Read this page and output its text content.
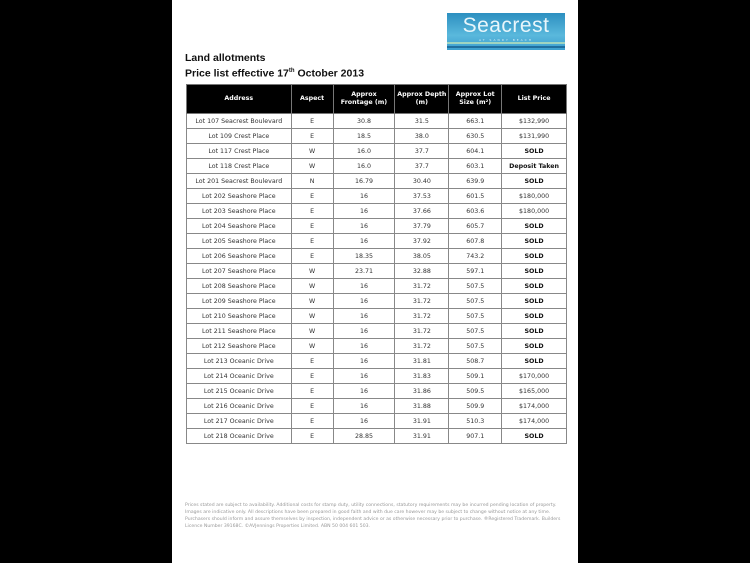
Seacrest
AT SANDY BEACH
Land allotments
Price list effective 17th October 2013
Address	Aspect	Approx Frontage (m)	Approx Depth (m)	Approx Lot Size (m²)	List Price
Lot 107 Seacrest Boulevard	E	30.8	31.5	663.1	$132,990
Lot 109 Crest Place	E	18.5	38.0	630.5	$131,990
Lot 117 Crest Place	W	16.0	37.7	604.1	SOLD
Lot 118 Crest Place	W	16.0	37.7	603.1	Deposit Taken
Lot 201 Seacrest Boulevard	N	16.79	30.40	639.9	SOLD
Lot 202 Seashore Place	E	16	37.53	601.5	$180,000
Lot 203 Seashore Place	E	16	37.66	603.6	$180,000
Lot 204 Seashore Place	E	16	37.79	605.7	SOLD
Lot 205 Seashore Place	E	16	37.92	607.8	SOLD
Lot 206 Seashore Place	E	18.35	38.05	743.2	SOLD
Lot 207 Seashore Place	W	23.71	32.88	597.1	SOLD
Lot 208 Seashore Place	W	16	31.72	507.5	SOLD
Lot 209 Seashore Place	W	16	31.72	507.5	SOLD
Lot 210 Seashore Place	W	16	31.72	507.5	SOLD
Lot 211 Seashore Place	W	16	31.72	507.5	SOLD
Lot 212 Seashore Place	W	16	31.72	507.5	SOLD
Lot 213 Oceanic Drive	E	16	31.81	508.7	SOLD
Lot 214 Oceanic Drive	E	16	31.83	509.1	$170,000
Lot 215 Oceanic Drive	E	16	31.86	509.5	$165,000
Lot 216 Oceanic Drive	E	16	31.88	509.9	$174,000
Lot 217 Oceanic Drive	E	16	31.91	510.3	$174,000
Lot 218 Oceanic Drive	E	28.85	31.91	907.1	SOLD
Prices stated are subject to availability. Additional costs for stamp duty, utility connections, statutory requirements may be incurred pending location of property. Images are indicative only. All descriptions have been prepared in good faith and with due care however may be subject to change without notice at any time. Purchasers should inform and assure themselves by inspection, independent advice or as otherwise necessary prior to purchase. ®Registered Trademark. Builders Licence Number 39168C. ©AVJennings Properties Limited. ABN 50 004 601 503.
